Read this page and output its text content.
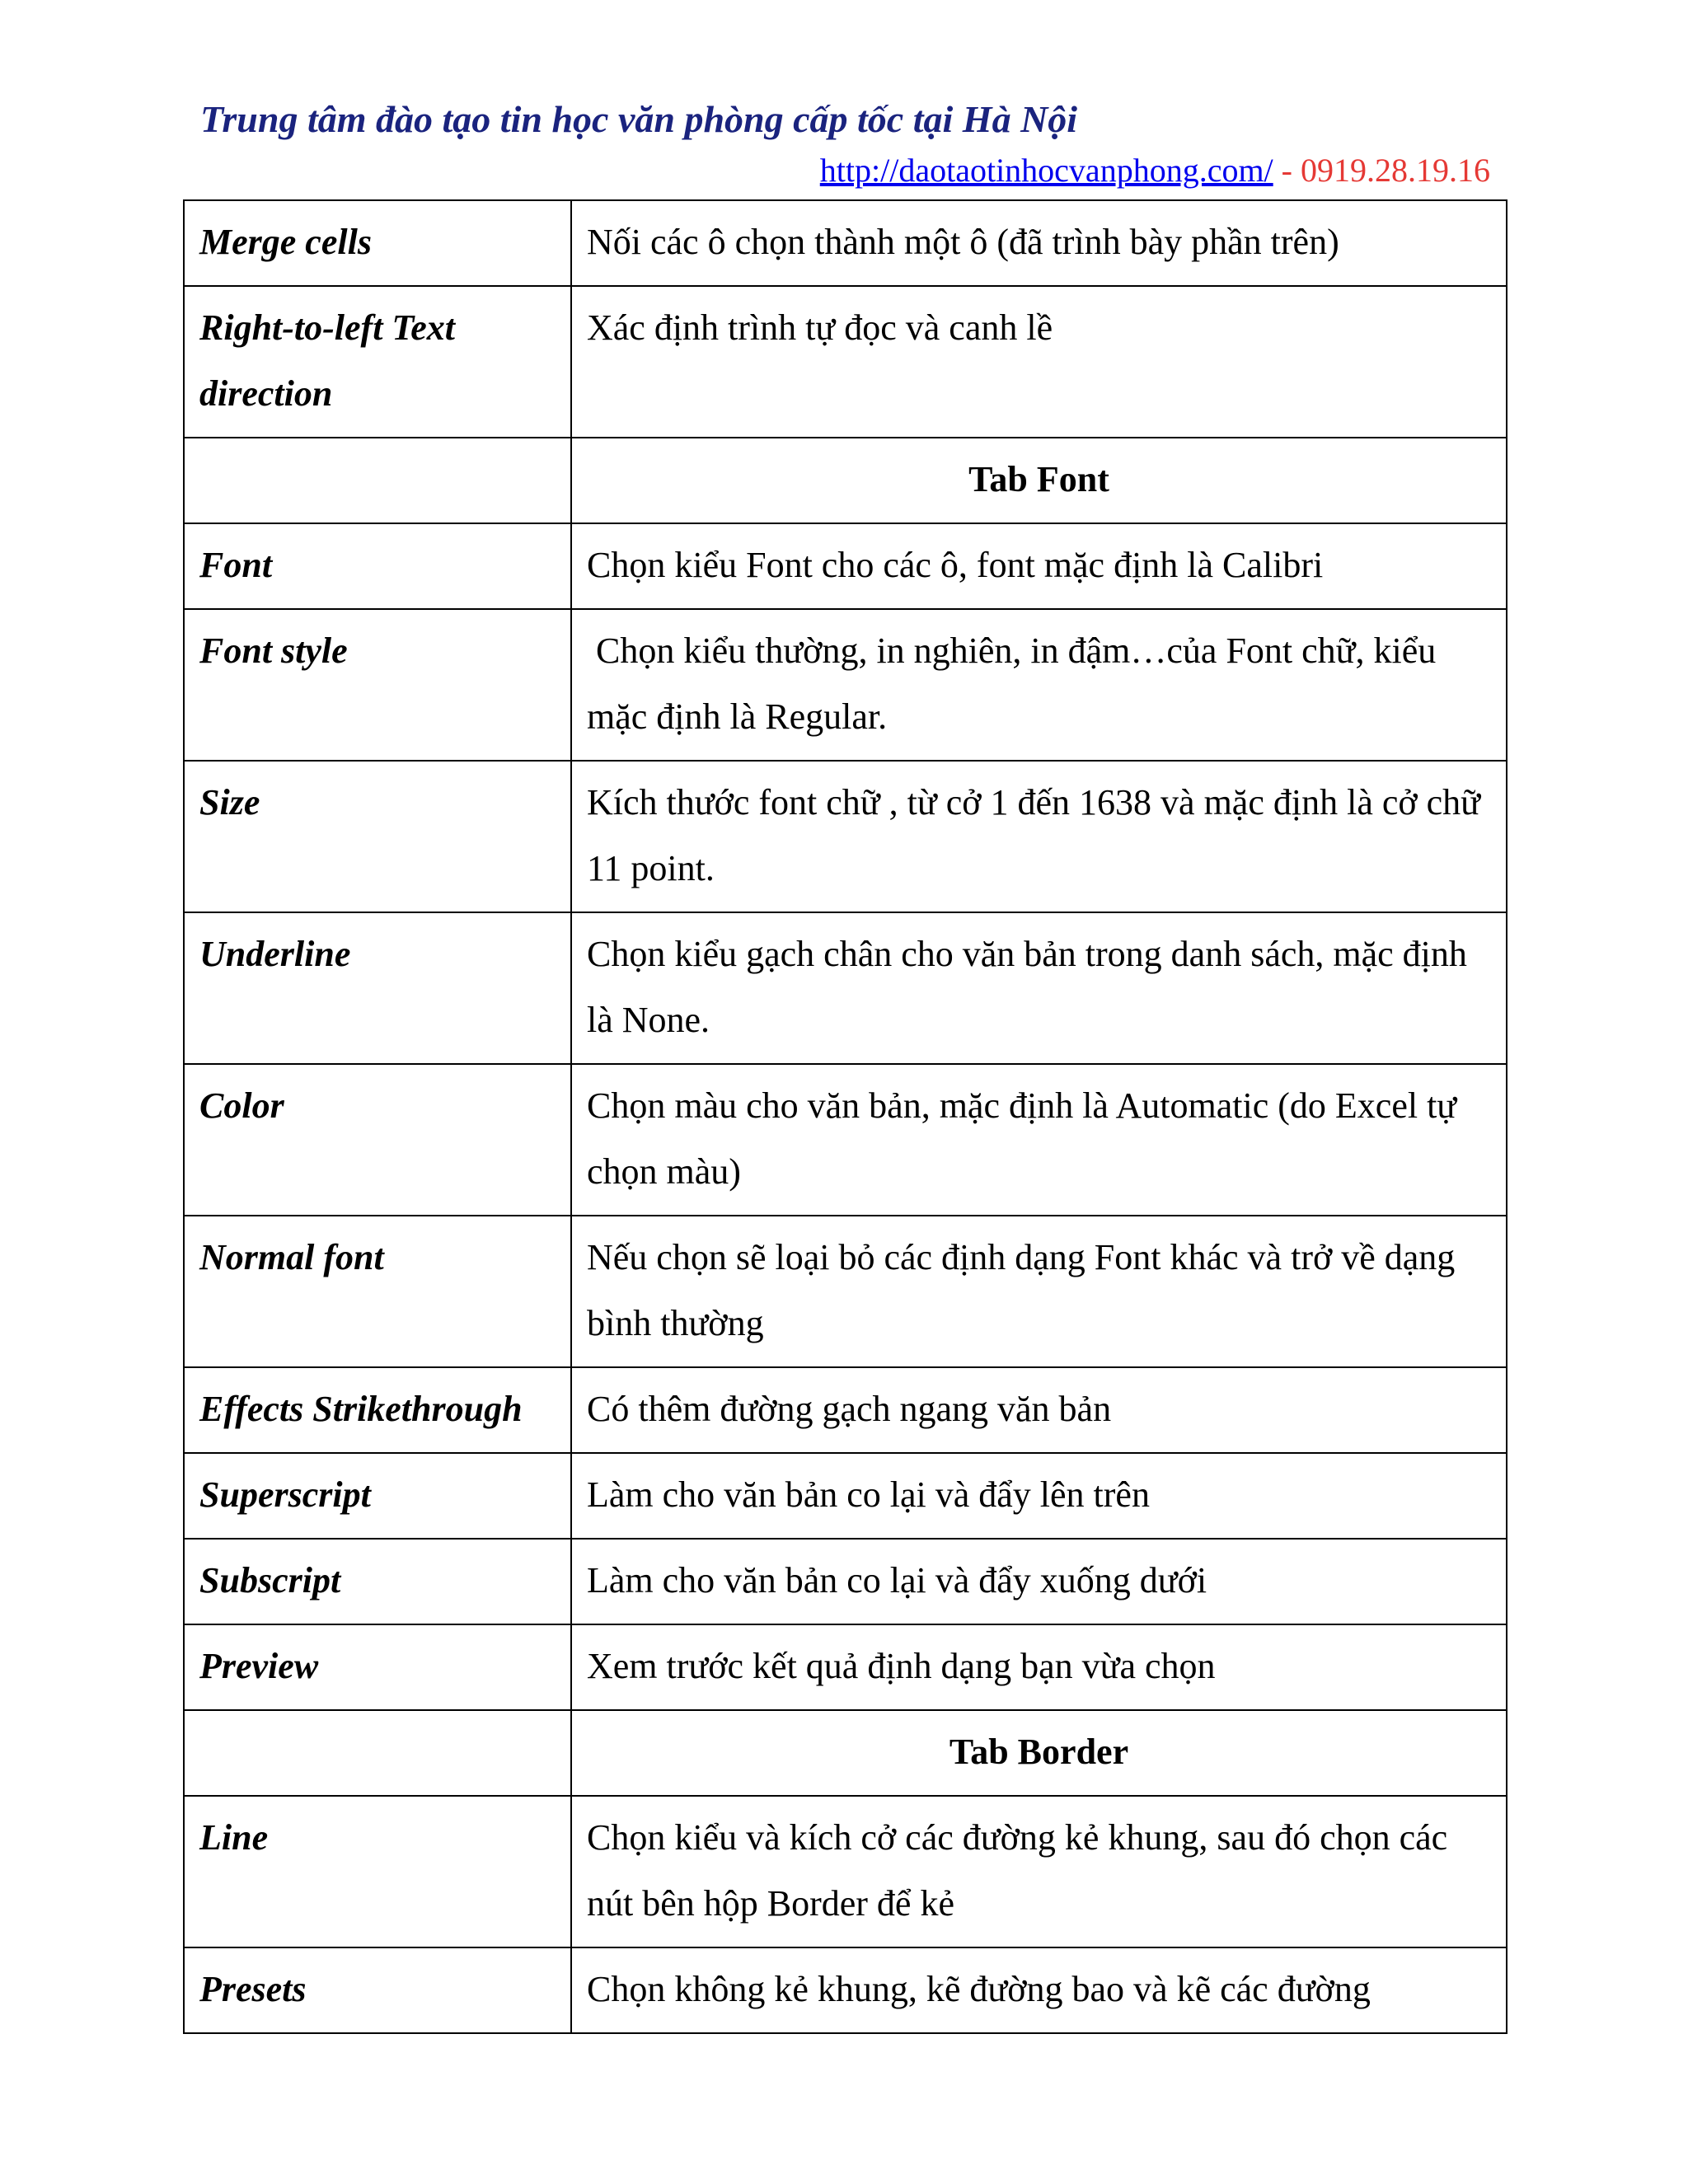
Trung tâm đào tạo tin học văn phòng cấp tốc tại Hà Nội
http://daotaotinhocvanphong.com/ - 0919.28.19.16
Merge cells	Nối các ô chọn thành một ô (đã trình bày phần trên)
Right-to-left Text direction	Xác định trình tự đọc và canh lề
	Tab Font
Font	Chọn kiểu Font cho các ô, font mặc định là Calibri
Font style	Chọn kiểu thường, in nghiên, in đậm…của Font chữ, kiểu mặc định là Regular.
Size	Kích thước font chữ , từ cở 1 đến 1638 và mặc định là cở chữ 11 point.
Underline	Chọn kiểu gạch chân cho văn bản trong danh sách, mặc định là None.
Color	Chọn màu cho văn bản, mặc định là Automatic (do Excel tự chọn màu)
Normal font	Nếu chọn sẽ loại bỏ các định dạng Font khác và trở về dạng bình thường
Effects Strikethrough	Có thêm đường gạch ngang văn bản
Superscript	Làm cho văn bản co lại và đẩy lên trên
Subscript	Làm cho văn bản co lại và đẩy xuống dưới
Preview	Xem trước kết quả định dạng bạn vừa chọn
	Tab Border
Line	Chọn kiểu và kích cở các đường kẻ khung, sau đó chọn các nút bên hộp Border để kẻ
Presets	Chọn không kẻ khung, kẽ đường bao và kẽ các đường
